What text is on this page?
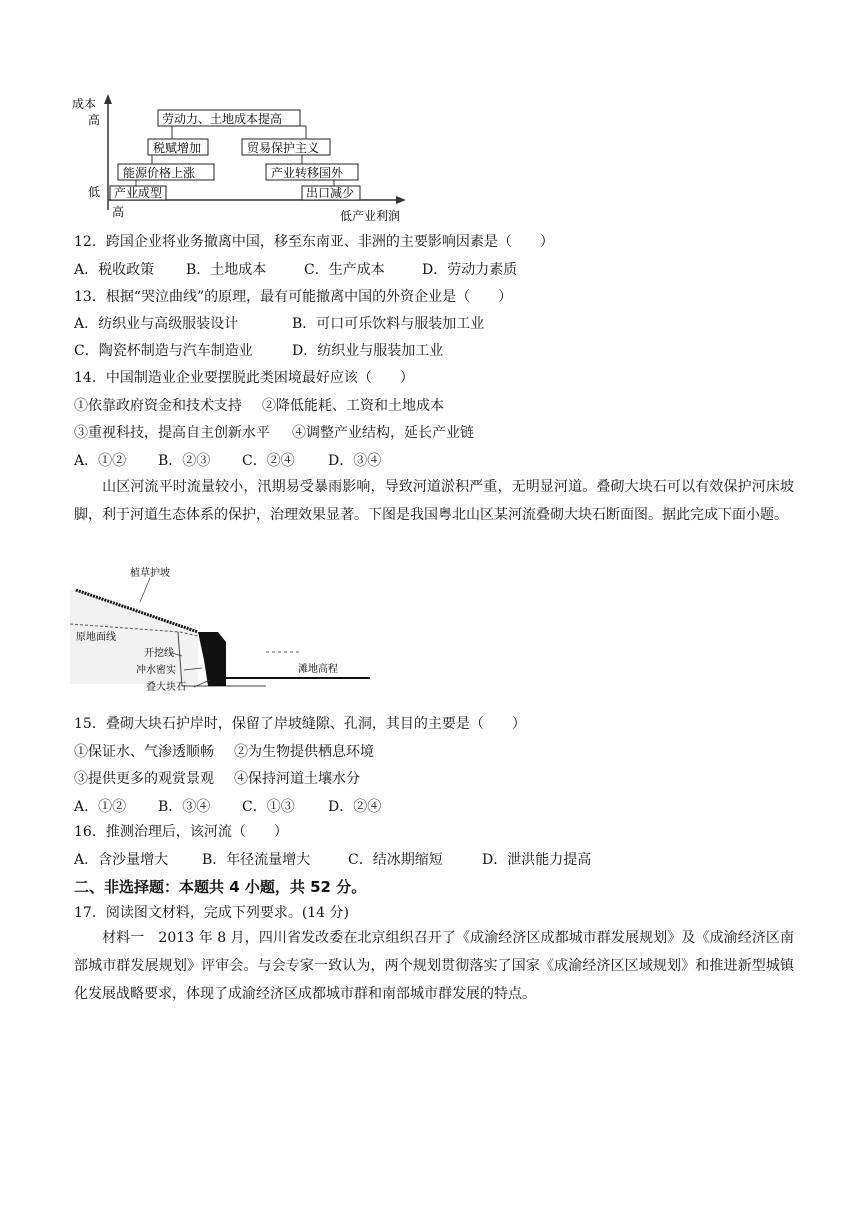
成本
高
低
高	低产业利润
劳动力、土地成本提高
税赋增加	贸易保护主义
能源价格上涨	产业转移国外
产业成型	出口减少
12．跨国企业将业务撤离中国，移至东南亚、非洲的主要影响因素是（　　）
A．税收政策 B．土地成本	C．生产成本	D．劳动力素质
13．根据“哭泣曲线”的原理，最有可能撤离中国的外资企业是（　　）
A．纺织业与高级服装设计	B．可口可乐饮料与服装加工业
C．陶瓷杯制造与汽车制造业	D．纺织业与服装加工业
14．中国制造业企业要摆脱此类困境最好应该（　　）
①依靠政府资金和技术支持 ②降低能耗、工资和土地成本
③重视科技，提高自主创新水平 ④调整产业结构，延长产业链
A．①② B．②③ C．②④ D．③④
山区河流平时流量较小，汛期易受暴雨影响，导致河道淤积严重，无明显河道。叠砌大块石可以有效保护河床坡脚，利于河道生态体系的保护，治理效果显著。下图是我国粤北山区某河流叠砌大块石断面图。据此完成下面小题。
植草护坡
原地面线
开挖线
冲水密实
叠大块石
滩地高程
15．叠砌大块石护岸时，保留了岸坡缝隙、孔洞，其目的主要是（　　）
①保证水、气渗透顺畅 ②为生物提供栖息环境
③提供更多的观赏景观 ④保持河道土壤水分
A．①② B．③④ C．①③ D．②④
16．推测治理后，该河流（　　）
A．含沙量增大 B．年径流量增大	C．结冰期缩短	D．泄洪能力提高
二、非选择题：本题共 4 小题，共 52 分。
17．阅读图文材料，完成下列要求。(14 分)
材料一　2013 年 8 月，四川省发改委在北京组织召开了《成渝经济区成都城市群发展规划》及《成渝经济区南部城市群发展规划》评审会。与会专家一致认为，两个规划贯彻落实了国家《成渝经济区区域规划》和推进新型城镇化发展战略要求，体现了成渝经济区成都城市群和南部城市群发展的特点。
